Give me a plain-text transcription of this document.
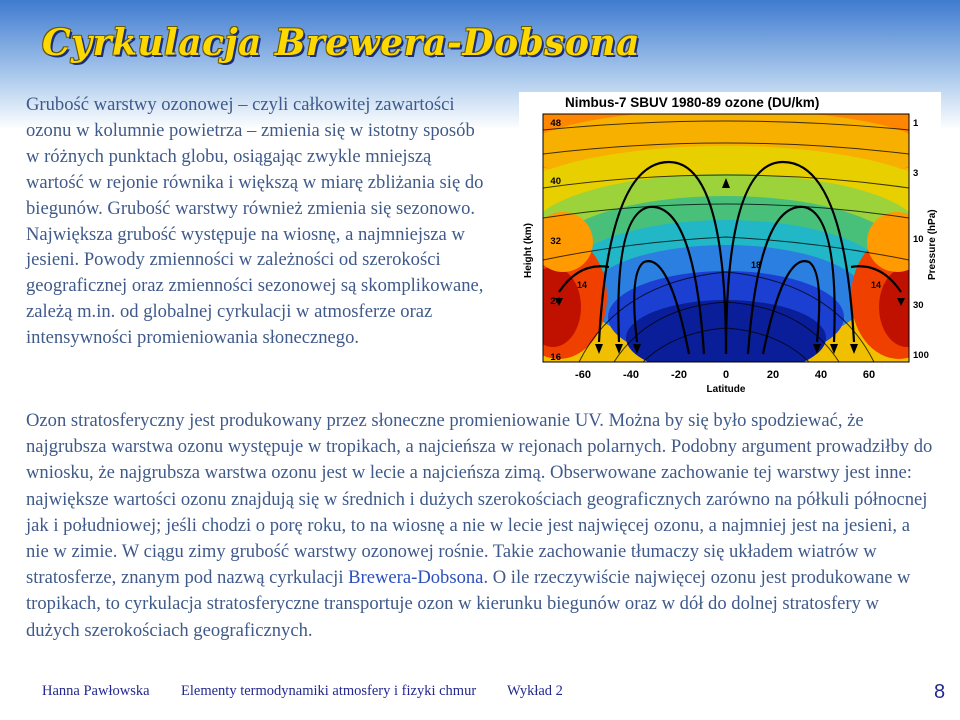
Cyrkulacja Brewera-Dobsona
Grubość warstwy ozonowej – czyli całkowitej zawartości ozonu w kolumnie powietrza – zmienia się w istotny sposób w różnych punktach globu, osiągając zwykle mniejszą wartość w rejonie równika i większą w miarę zbliżania się do biegunów. Grubość warstwy również zmienia się sezonowo. Największa grubość występuje na wiosnę, a najmniejsza w jesieni. Powody zmienności w zależności od szerokości geograficznej oraz zmienności sezonowej są skomplikowane, zależą m.in. od globalnej cyrkulacji w atmosferze oraz intensywności promieniowania słonecznego.
Nimbus-7 SBUV 1980-89 ozone (DU/km)
Height (km)	Pressure (hPa)
48
40
32
24
16
1
3
10
30
100
14
18
14
-60	-40	-20	0	20	40	60
Latitude
Ozon stratosferyczny jest produkowany przez słoneczne promieniowanie UV. Można by się było spodziewać, że najgrubsza warstwa ozonu występuje w tropikach, a najcieńsza w rejonach polarnych. Podobny argument prowadziłby do wniosku, że najgrubsza warstwa ozonu jest w lecie a najcieńsza zimą. Obserwowane zachowanie tej warstwy jest inne: największe wartości ozonu znajdują się w średnich i dużych szerokościach geograficznych zarówno na półkuli północnej jak i południowej; jeśli chodzi o porę roku, to na wiosnę a nie w lecie jest najwięcej ozonu, a najmniej jest na jesieni, a nie w zimie. W ciągu zimy grubość warstwy ozonowej rośnie. Takie zachowanie tłumaczy się układem wiatrów w stratosferze, znanym pod nazwą cyrkulacji Brewera-Dobsona. O ile rzeczywiście najwięcej ozonu jest produkowane w tropikach, to cyrkulacja stratosferyczne transportuje ozon w kierunku biegunów oraz w dół do dolnej stratosfery w dużych szerokościach geograficznych.
Hanna Pawłowska Elementy termodynamiki atmosfery i fizyki chmur Wykład 2	8
